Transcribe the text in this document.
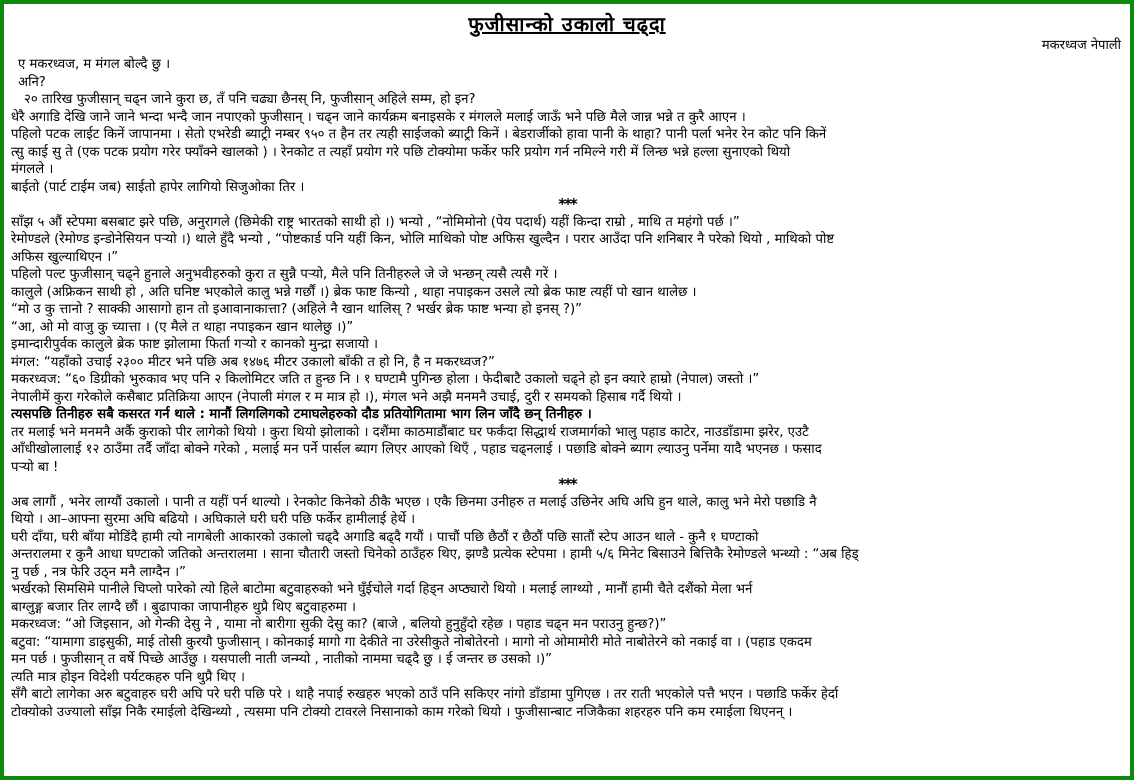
फुजीसान्को उकालो चढ्दा
मकरध्वज नेपाली
ए मकरध्वज, म मंगल बोल्दै छु ।
अनि?
२० तारिख फुजीसान् चढ्न जाने कुरा छ, तँ पनि चढ्या छैनस् नि, फुजीसान् अहिले सम्म, हो इन?
धेरै अगाडि देखि जाने जाने भन्दा भन्दै जान नपाएको फुजीसान् । चढ्न जाने कार्यक्रम बनाइसके र मंगलले मलाई जाऊँ भने पछि मैले जान्न भन्ने त कुरै आएन ।
पहिलो पटक लाईट किनें जापानमा । सेतो एभरेडी ब्याट्री नम्बर ९५० त हैन तर त्यही साईजको ब्याट्री किनें । बेडरार्जीको हावा पानी के थाहा? पानी पर्ला भनेर रेन कोट पनि किनें
त्सु काई सु ते (एक पटक प्रयोग गरेर फ्याँक्ने खालको ) । रेनकोट त त्यहाँ प्रयोग गरे पछि टोक्योमा फर्केर फरि प्रयोग गर्न नमिल्ने गरी में लिन्छ भन्ने हल्ला सुनाएको थियो
मंगलले ।
बाईतो (पार्ट टाईम जब) साईतो हापेर लागियो सिजुओका तिर ।
***
साँझ ५ औं स्टेपमा बसबाट झरे पछि, अनुरागले (छिमेकी राष्ट्र भारतको साथी हो ।) भन्यो , “नोमिमोनो (पेय पदार्थ) यहीं किन्दा राम्रो , माथि त महंगो पर्छ ।”
रेमोण्डले (रेमोण्ड इन्डोनेसियन पऱ्यो ।) थाले हुँदै भन्यो , “पोष्टकार्ड पनि यहीं किन, भोलि माथिको पोष्ट अफिस खुल्दैन । परार आउँदा पनि शनिबार नै परेको थियो , माथिको पोष्ट
अफिस खुल्याथिएन ।”
पहिलो पल्ट फुजीसान् चढ्ने हुनाले अनुभवीहरुको कुरा त सुन्नै पऱ्यो, मैले पनि तिनीहरुले जे जे भन्छन् त्यसै त्यसै गरें ।
कालुले (अफ्रिकन साथी हो , अति घनिष्ट भएकोले कालु भन्ने गर्छौं ।) ब्रेक फाष्ट किन्यो , थाहा नपाइकन उसले त्यो ब्रेक फाष्ट त्यहीं पो खान थालेछ ।
“मो उ कु त्तानो ? साक्की आसागो हान तो इआवानाकात्ता? (अहिले नै खान थालिस् ? भर्खर ब्रेक फाष्ट भन्या हो इनस् ?)”
“आ, ओ मो वाजु कु च्यात्ता । (ए मैले त थाहा नपाइकन खान थालेछु ।)”
इमान्दारीपुर्वक कालुले ब्रेक फाष्ट झोलामा फिर्ता गऱ्यो र कानको मुन्द्रा सजायो ।
मंगल: “यहाँको उचाई २३०० मीटर भने पछि अब १४७६ मीटर उकालो बाँकी त हो नि, है न मकरध्वज?”
मकरध्वज: “६० डिग्रीको भुरुकाव भए पनि २ किलोमिटर जति त हुन्छ नि । १ घण्टामै पुगिन्छ होला । फेदीबाटै उकालो चढ्ने हो इन क्यारे हाम्रो (नेपाल) जस्तो ।”
नेपालीमें कुरा गरेकोले कसैबाट प्रतिक्रिया आएन (नेपाली मंगल र म मात्र हो ।), मंगल भने अझै मनमनै उचाई, दुरी र समयको हिसाब गर्दै थियो ।
त्यसपछि तिनीहरु सबै कसरत गर्न थाले : मानौं लिगलिगको टमाघलेहरुको दौड प्रतियोगितामा भाग लिन जाँदै छन् तिनीहरु ।
तर मलाई भने मनमनै अर्कै कुराको पीर लागेको थियो । कुरा थियो झोलाको । दशैंमा काठमाडौंबाट घर फर्कंदा सिद्धार्थ राजमार्गको भालु पहाड काटेर, नाउडाँडामा झरेर, एउटै
आँधीखोलालाई १२ ठाउँमा तर्दै जाँदा बोक्ने गरेको , मलाई मन पर्ने पार्सल ब्याग लिएर आएको थिएँ , पहाड चढ्नलाई । पछाडि बोक्ने ब्याग ल्याउनु पर्नेमा यादै भएनछ । फसाद
पऱ्यो बा !
***
अब लागौं , भनेर लाग्यौं उकालो । पानी त यहीं पर्न थाल्यो । रेनकोट किनेको ठीकै भएछ । एकै छिनमा उनीहरु त मलाई उछिनेर अघि अघि हुन थाले, कालु भने मेरो पछाडि नै
थियो । आ–आफ्ना सुरमा अघि बढियो । अघिकाले घरी घरी पछि फर्केर हामीलाई हेर्थे ।
घरी दाँया, घरी बाँया मोडिंदै हामी त्यो नागबेली आकारको उकालो चढ्दै अगाडि बढ्दै गयौं । पाचौं पछि छैठौं र छैठौं पछि सातौं स्टेप आउन थाले - कुनै १ घण्टाको
अन्तरालमा र कुनै आधा घण्टाको जतिको अन्तरालमा । साना चौतारी जस्तो चिनेको ठाउँहरु थिए, झण्डै प्रत्येक स्टेपमा । हामी ५/६ मिनेट बिसाउने बित्तिकै रेमोण्डले भन्थ्यो : “अब हिड्
नु पर्छ , नत्र फेरि उठ्न मनै लाग्दैन ।”
भर्खरको सिमसिमे पानीले चिप्लो पारेको त्यो हिले बाटोमा बटुवाहरुको भने घुँईचोले गर्दा हिड्न अप्ठ्यारो थियो । मलाई लाग्थ्यो , मानौं हामी चैते दशैंको मेला भर्न
बाग्लुङ्ग बजार तिर लाग्दै छौं । बुढापाका जापानीहरु थुप्रै थिए बटुवाहरुमा ।
मकरध्वज: “ओ जिइसान, ओ गेन्की देसु ने , यामा नो बारीगा सुकी देसु का? (बाजे , बलियो हुनुहुँदो रहेछ । पहाड चढ्न मन पराउनु हुन्छ?)”
बटुवा: “यामागा डाइसुकी, माई तोसी कुरयौ फुजीसान् । कोनकाई मागो गा देकीते ना उरेसीकुते नोबोतेरनो । मागो नो ओमामोरी मोते नाबोतेरने को नकाई वा । (पहाड एकदम
मन पर्छ । फुजीसान् त वर्षे पिच्छे आउँछु । यसपाली नाती जन्म्यो , नातीको नाममा चढ्दै छु । ई जन्तर छ उसको ।)”
त्यति मात्र होइन विदेशी पर्यटकहरु पनि थुप्रै थिए ।
सँगै बाटो लागेका अरु बटुवाहरु घरी अघि परे घरी पछि परे । थाहै नपाई रुखहरु भएको ठाउँ पनि सकिएर नांगो डाँडामा पुगिएछ । तर राती भएकोले पत्तै भएन । पछाडि फर्केर हेर्दा
टोक्योको उज्यालो साँझ निकै रमाईलो देखिन्थ्यो , त्यसमा पनि टोक्यो टावरले निसानाको काम गरेको थियो । फुजीसान्बाट नजिकैका शहरहरु पनि कम रमाईला थिएनन् ।
